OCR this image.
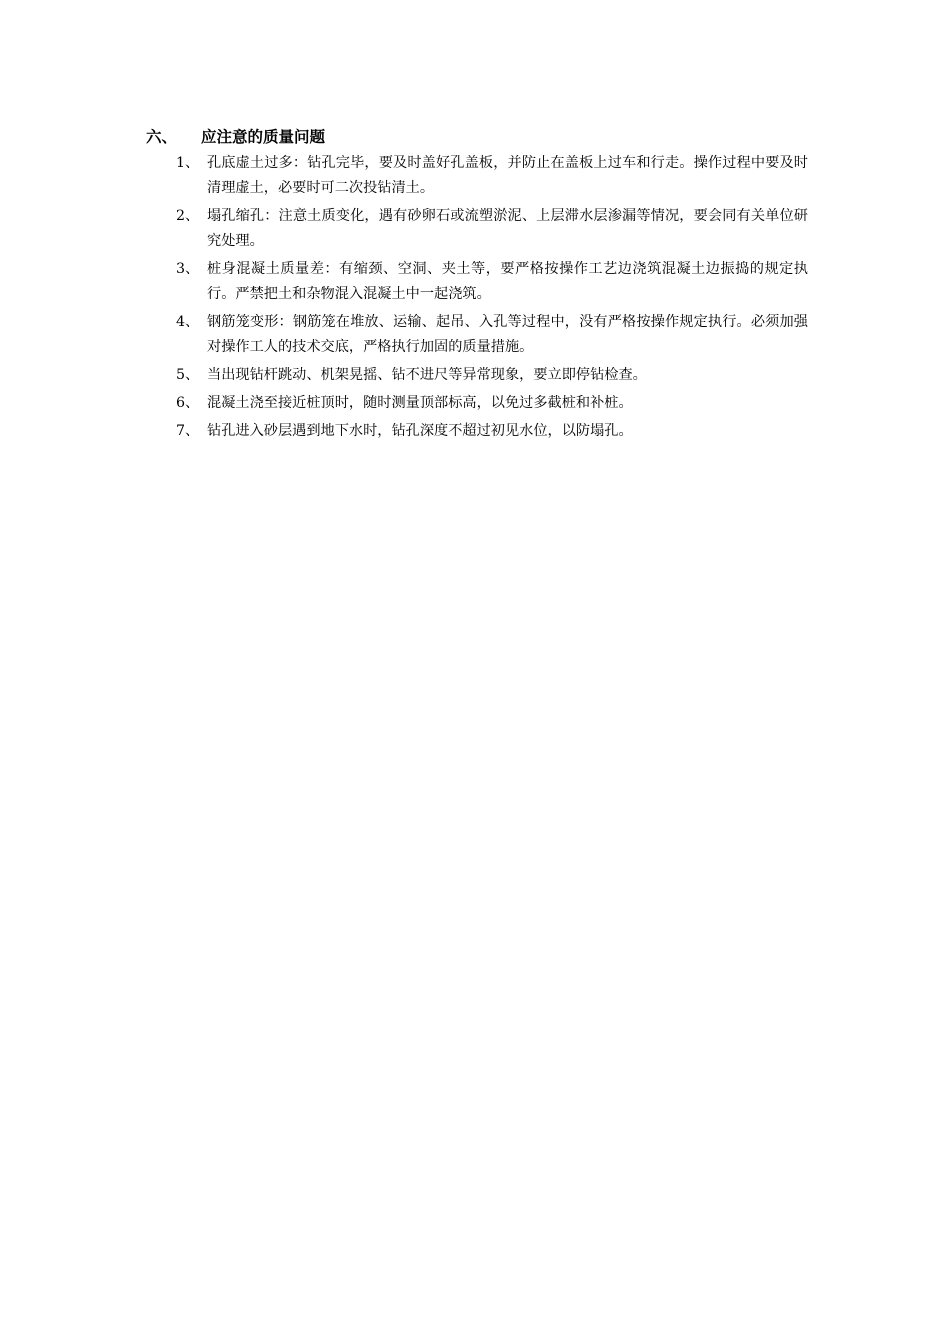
六、 应注意的质量问题
1、 孔底虚土过多：钻孔完毕，要及时盖好孔盖板，并防止在盖板上过车和行走。操作过程中要及时清理虚土，必要时可二次投钻清土。
2、 塌孔缩孔：注意土质变化，遇有砂卵石或流塑淤泥、上层滞水层渗漏等情况，要会同有关单位研究处理。
3、 桩身混凝土质量差：有缩颈、空洞、夹土等，要严格按操作工艺边浇筑混凝土边振捣的规定执行。严禁把土和杂物混入混凝土中一起浇筑。
4、 钢筋笼变形：钢筋笼在堆放、运输、起吊、入孔等过程中，没有严格按操作规定执行。必须加强对操作工人的技术交底，严格执行加固的质量措施。
5、 当出现钻杆跳动、机架晃摇、钻不进尺等异常现象，要立即停钻检查。
6、 混凝土浇至接近桩顶时，随时测量顶部标高，以免过多截桩和补桩。
7、 钻孔进入砂层遇到地下水时，钻孔深度不超过初见水位，以防塌孔。
